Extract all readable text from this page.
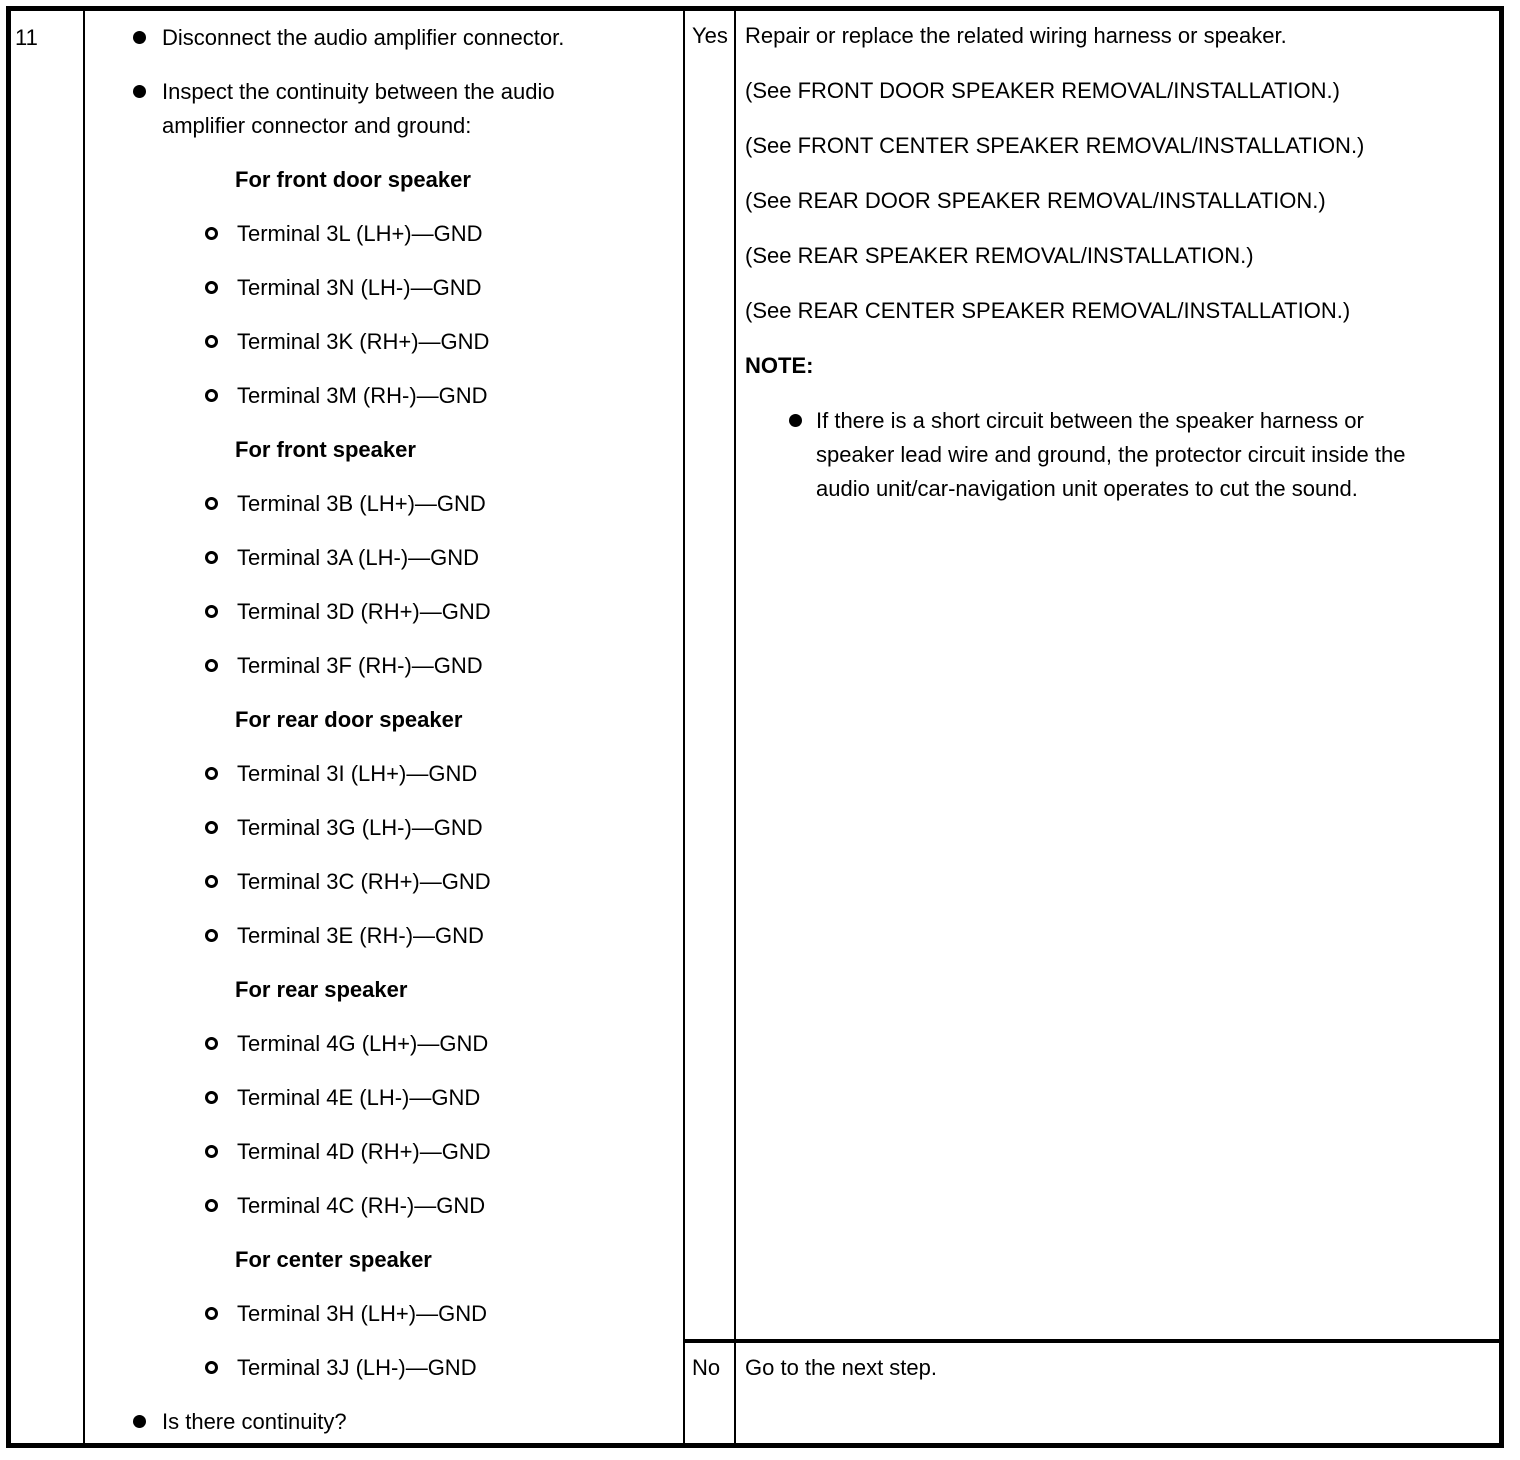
11	Disconnect the audio amplifier connector.
Inspect the continuity between the audio amplifier connector and ground:
For front door speaker
Terminal 3L (LH+)—GND
Terminal 3N (LH-)—GND
Terminal 3K (RH+)—GND
Terminal 3M (RH-)—GND
For front speaker
Terminal 3B (LH+)—GND
Terminal 3A (LH-)—GND
Terminal 3D (RH+)—GND
Terminal 3F (RH-)—GND
For rear door speaker
Terminal 3I (LH+)—GND
Terminal 3G (LH-)—GND
Terminal 3C (RH+)—GND
Terminal 3E (RH-)—GND
For rear speaker
Terminal 4G (LH+)—GND
Terminal 4E (LH-)—GND
Terminal 4D (RH+)—GND
Terminal 4C (RH-)—GND
For center speaker
Terminal 3H (LH+)—GND
Terminal 3J (LH-)—GND
Is there continuity?
Yes Repair or replace the related wiring harness or speaker.

(See FRONT DOOR SPEAKER REMOVAL/INSTALLATION.)

(See FRONT CENTER SPEAKER REMOVAL/INSTALLATION.)

(See REAR DOOR SPEAKER REMOVAL/INSTALLATION.)

(See REAR SPEAKER REMOVAL/INSTALLATION.)

(See REAR CENTER SPEAKER REMOVAL/INSTALLATION.)

NOTE:

If there is a short circuit between the speaker harness or speaker lead wire and ground, the protector circuit inside the audio unit/car-navigation unit operates to cut the sound.
No	Go to the next step.
